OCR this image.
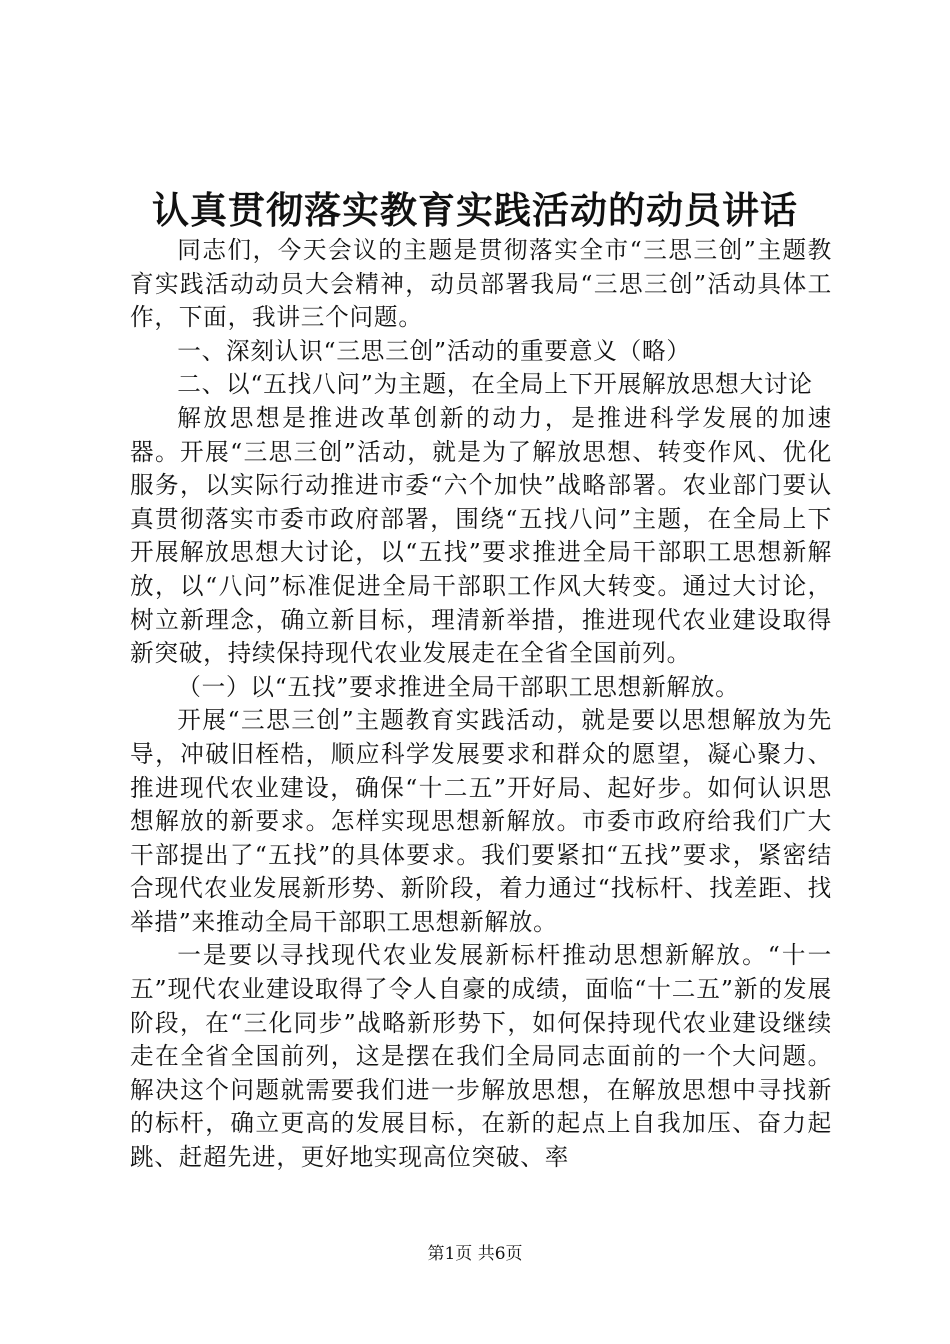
认真贯彻落实教育实践活动的动员讲话

同志们，今天会议的主题是贯彻落实全市“三思三创”主题教育实践活动动员大会精神，动员部署我局“三思三创”活动具体工作，下面，我讲三个问题。

一、深刻认识“三思三创”活动的重要意义（略）

二、以“五找八问”为主题，在全局上下开展解放思想大讨论

解放思想是推进改革创新的动力，是推进科学发展的加速器。开展“三思三创”活动，就是为了解放思想、转变作风、优化服务，以实际行动推进市委“六个加快”战略部署。农业部门要认真贯彻落实市委市政府部署，围绕“五找八问”主题，在全局上下开展解放思想大讨论，以“五找”要求推进全局干部职工思想新解放，以“八问”标准促进全局干部职工作风大转变。通过大讨论，树立新理念，确立新目标，理清新举措，推进现代农业建设取得新突破，持续保持现代农业发展走在全省全国前列。

（一）以“五找”要求推进全局干部职工思想新解放。

开展“三思三创”主题教育实践活动，就是要以思想解放为先导，冲破旧桎梏，顺应科学发展要求和群众的愿望，凝心聚力、推进现代农业建设，确保“十二五”开好局、起好步。如何认识思想解放的新要求。怎样实现思想新解放。市委市政府给我们广大干部提出了“五找”的具体要求。我们要紧扣“五找”要求，紧密结合现代农业发展新形势、新阶段，着力通过“找标杆、找差距、找举措”来推动全局干部职工思想新解放。

一是要以寻找现代农业发展新标杆推动思想新解放。“十一五”现代农业建设取得了令人自豪的成绩，面临“十二五”新的发展阶段，在“三化同步”战略新形势下，如何保持现代农业建设继续走在全省全国前列，这是摆在我们全局同志面前的一个大问题。解决这个问题就需要我们进一步解放思想，在解放思想中寻找新的标杆，确立更高的发展目标，在新的起点上自我加压、奋力起跳、赶超先进，更好地实现高位突破、率

第1页 共6页
